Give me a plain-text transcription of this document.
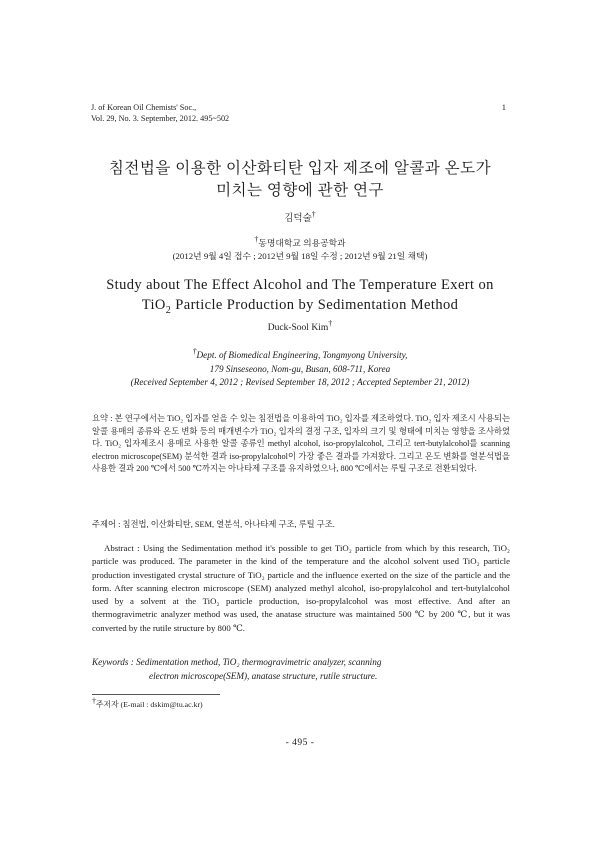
J. of Korean Oil Chemists' Soc.,
Vol. 29, No. 3. September, 2012. 495~502
1
침전법을 이용한 이산화티탄 입자 제조에 알콜과 온도가
미치는 영향에 관한 연구
김덕술†
†동명대학교 의용공학과
(2012년 9월 4일 접수 ; 2012년 9월 18일 수정 ; 2012년 9월 21일 채택)
Study about The Effect Alcohol and The Temperature Exert on
TiO$_2$ Particle Production by Sedimentation Method
Duck-Sool Kim†
†Dept. of Biomedical Engineering, Tongmyong University,
179 Sinseseono, Nom-gu, Busan, 608-711, Korea
(Received September 4, 2012 ; Revised September 18, 2012 ; Accepted September 21, 2012)
요약 : 본 연구에서는 TiO₂ 입자를 얻을 수 있는 침전법을 이용하여 TiO₂ 입자를 제조하였다. TiO₂ 입자 제조시 사용되는 알콜 용매의 종류와 온도 변화 등의 매개변수가 TiO₂ 입자의 결정 구조, 입자의 크기 및 형태에 미치는 영향을 조사하였다. TiO₂ 입자제조시 용매로 사용한 알콜 종류인 methyl alcohol, iso-propylalcohol, 그리고 tert-butylalcohol를 scanning electron microscope(SEM) 분석한 결과 iso-propylalcohol이 가장 좋은 결과를 가져왔다. 그리고 온도 변화를 열분석법을 사용한 결과 200 ℃에서 500 ℃까지는 아나타제 구조를 유지하였으나, 800 ℃에서는 루틸 구조로 전환되었다.
주제어 : 침전법, 이산화티탄, SEM, 열분석, 아나타제 구조, 루틸 구조.
Abstract : Using the Sedimentation method it's possible to get TiO₂ particle from which by this research, TiO₂ particle was produced. The parameter in the kind of the temperature and the alcohol solvent used TiO₂ particle production investigated crystal structure of TiO₂ particle and the influence exerted on the size of the particle and the form. After scanning electron microscope (SEM) analyzed methyl alcohol, iso-propylalcohol and tert-butylalcohol used by a solvent at the TiO₂ particle production, iso-propylalcohol was most effective. And after an thermogravimetric analyzer method was used, the anatase structure was maintained 500 ℃ by 200 ℃, but it was converted by the rutile structure by 800 ℃.
Keywords : Sedimentation method, TiO₂ thermogravimetric analyzer, scanning
electron microscope(SEM), anatase structure, rutile structure.
†주저자 (E-mail : dskim@tu.ac.kr)
- 495 -
